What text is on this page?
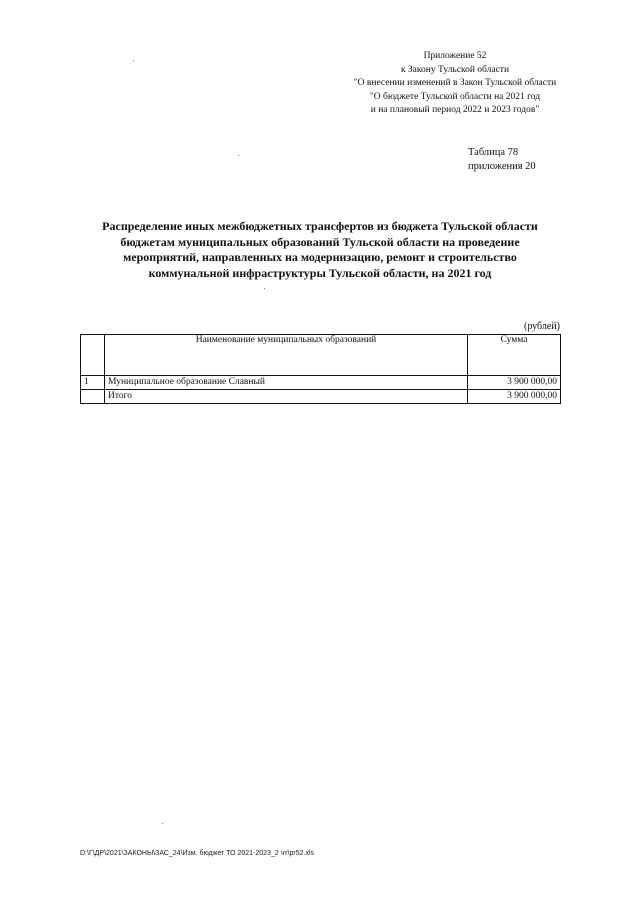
Приложение 52
к Закону Тульской области
"О внесении изменений в Закон Тульской области
"О бюджете Тульской области на 2021 год
и на плановый период 2022 и 2023 годов"
Таблица 78
приложения 20
Распределение иных межбюджетных трансфертов из бюджета Тульской области
бюджетам муниципальных образований Тульской области на проведение
мероприятий, направленных на модернизацию, ремонт и строительство
коммунальной инфраструктуры Тульской области, на 2021 год
(рублей)
	Наименование муниципальных образований	Сумма
1	Муниципальное образование Славный	3 900 000,00
	Итого	3 900 000,00
D:\Г\ДР\2021\ЗАКОНЫ\ЗАС_24\Изм. бюджет ТО 2021-2023_2 чт\pr52.xls
